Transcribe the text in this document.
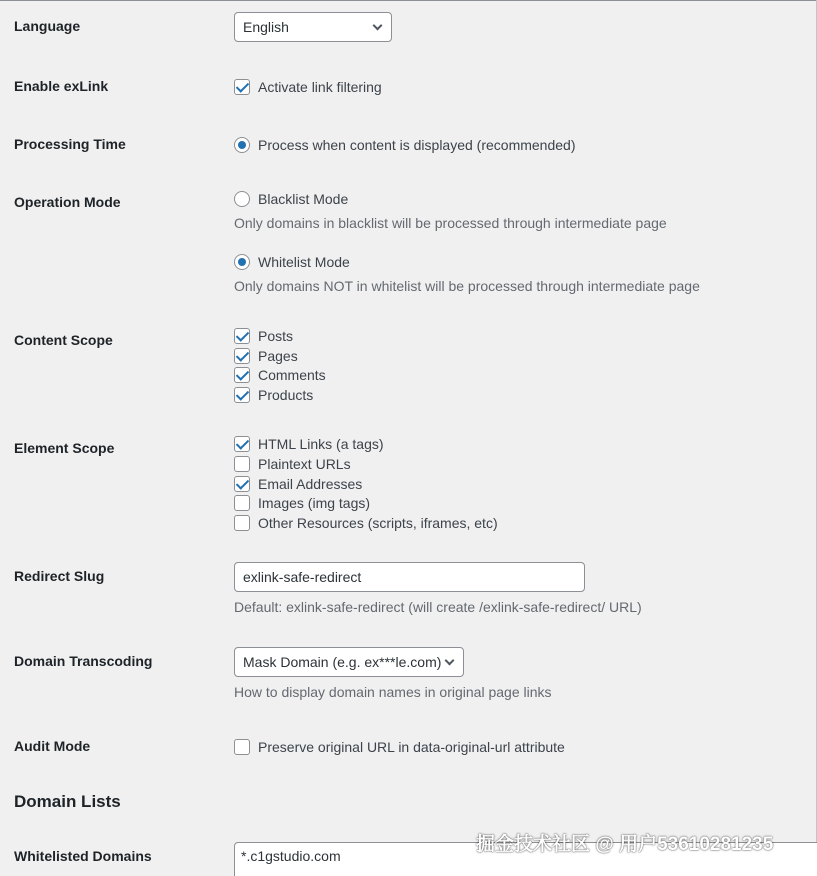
Language	English
Enable exLink	Activate link filtering
Processing Time	Process when content is displayed (recommended)
Operation Mode	Blacklist Mode
Only domains in blacklist will be processed through intermediate page
Whitelist Mode
Only domains NOT in whitelist will be processed through intermediate page
Content Scope	Posts
Pages
Comments
Products
Element Scope	HTML Links (a tags)
Plaintext URLs
Email Addresses
Images (img tags)
Other Resources (scripts, iframes, etc)
Redirect Slug	exlink-safe-redirect
Default: exlink-safe-redirect (will create /exlink-safe-redirect/ URL)
Domain Transcoding	Mask Domain (e.g. ex***le.com)
How to display domain names in original page links
Audit Mode	Preserve original URL in data-original-url attribute
Domain Lists
Whitelisted Domains	*.c1gstudio.com
掘金技术社区 @ 用户53610281235
